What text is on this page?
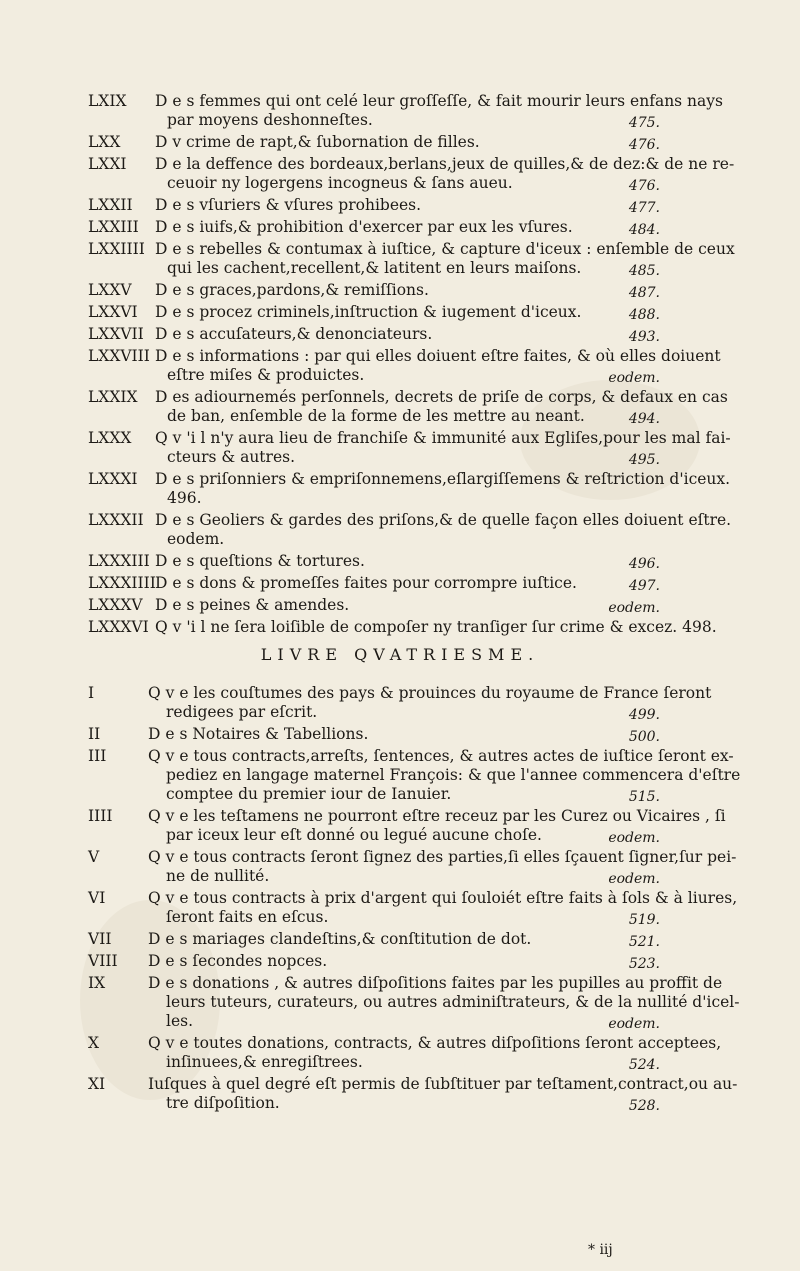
LXIX D e s femmes qui ont celé leur groſſeſſe, & fait mourir leurs enfans nays
par moyens deshonneſtes.	475.
LXX D v crime de rapt,& ſubornation de filles.	476.
LXXI D e la deffence des bordeaux,berlans,jeux de quilles,& de dez:& de ne re-
ceuoir ny logergens incogneus & ſans aueu.	476.
LXXII D e s vſuriers & vſures prohibees.	477.
LXXIII D e s iuifs,& prohibition d'exercer par eux les vſures.	484.
LXXIIII D e s rebelles & contumax à iuſtice, & capture d'iceux : enſemble de ceux
qui les cachent,recellent,& latitent en leurs maiſons.	485.
LXXV D e s graces,pardons,& remiſſions.	487.
LXXVI D e s procez criminels,inſtruction & iugement d'iceux.	488.
LXXVII D e s accuſateurs,& denonciateurs.	493.
LXXVIII D e s informations : par qui elles doiuent eſtre faites, & où elles doiuent
eſtre miſes & produictes.	eodem.
LXXIX D es adiournemés perſonnels, decrets de priſe de corps, & defaux en cas
de ban, enſemble de la forme de les mettre au neant.	494.
LXXX Q v 'i l n'y aura lieu de franchiſe & immunité aux Egliſes,pour les mal fai-
cteurs & autres.	495.
LXXXI D e s priſonniers & empriſonnemens,eſlargiſſemens & reſtriction d'iceux.
496.
LXXXII D e s Geoliers & gardes des priſons,& de quelle façon elles doiuent eſtre.
eodem.
LXXXIII D e s queſtions & tortures.	496.
LXXXIIII D e s dons & promeſſes faites pour corrompre iuſtice.	497.
LXXXV D e s peines & amendes.	eodem.
LXXXVI Q v 'i l ne ſera loiſible de compoſer ny tranſiger ſur crime & excez. 498.
LIVRE QVATRIESME.
I	Q v e les couſtumes des pays & prouinces du royaume de France ſeront
redigees par eſcrit.	499.
II	D e s Notaires & Tabellions.	500.
III	Q v e tous contracts,arreſts, ſentences, & autres actes de iuſtice ſeront ex-
pediez en langage maternel François: & que l'annee commencera d'eſtre
comptee du premier iour de Ianuier.	515.
IIII Q v e les teſtamens ne pourront eſtre receuz par les Curez ou Vicaires , ſi
par iceux leur eſt donné ou legué aucune choſe.	eodem.
V	Q v e tous contracts ſeront ſignez des parties,ſi elles ſçauent ſigner,ſur pei-
ne de nullité.	eodem.
VI	Q v e tous contracts à prix d'argent qui ſouloiét eſtre faits à ſols & à liures,
ſeront faits en eſcus.	519.
VII D e s mariages clandeſtins,& conſtitution de dot.	521.
VIII D e s ſecondes nopces.	523.
IX	D e s donations , & autres diſpoſitions faites par les pupilles au proffit de
leurs tuteurs, curateurs, ou autres adminiſtrateurs, & de la nullité d'icel-
les.	eodem.
X	Q v e toutes donations, contracts, & autres diſpoſitions ſeront acceptees,
inſinuees,& enregiſtrees.	524.
XI	Iuſques à quel degré eſt permis de ſubſtituer par teſtament,contract,ou au-
tre diſpoſition.	528.
* iij
